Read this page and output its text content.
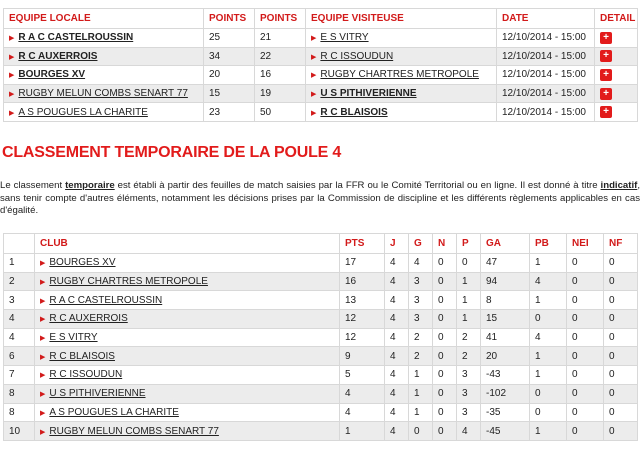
EQUIPE LOCALE	POINTS	POINTS	EQUIPE VISITEUSE	DATE	DETAIL
▶ R A C CASTELROUSSIN	25	21	▶ E S VITRY	12/10/2014 - 15:00	+
▶ R C AUXERROIS	34	22	▶ R C ISSOUDUN	12/10/2014 - 15:00	+
▶ BOURGES XV	20	16	▶ RUGBY CHARTRES METROPOLE	12/10/2014 - 15:00	+
▶ RUGBY MELUN COMBS SENART 77	15	19	▶ U S PITHIVERIENNE	12/10/2014 - 15:00	+
▶ A S POUGUES LA CHARITE	23	50	▶ R C BLAISOIS	12/10/2014 - 15:00	+
CLASSEMENT TEMPORAIRE DE LA POULE 4

Le classement temporaire est établi à partir des feuilles de match saisies par la FFR ou le Comité Territorial ou en ligne. Il est donné à titre indicatif, sans tenir compte d'autres éléments, notamment les décisions prises par la Commission de discipline et les différents règlements applicables en cas d'égalité.

	CLUB	PTS	J	G	N	P	GA	PB	NEI	NF
1	▶ BOURGES XV	17	4	4	0	0	47	1	0	0
2	▶ RUGBY CHARTRES METROPOLE	16	4	3	0	1	94	4	0	0
3	▶ R A C CASTELROUSSIN	13	4	3	0	1	8	1	0	0
4	▶ R C AUXERROIS	12	4	3	0	1	15	0	0	0
4	▶ E S VITRY	12	4	2	0	2	41	4	0	0
6	▶ R C BLAISOIS	9	4	2	0	2	20	1	0	0
7	▶ R C ISSOUDUN	5	4	1	0	3	-43	1	0	0
8	▶ U S PITHIVERIENNE	4	4	1	0	3	-102	0	0	0
8	▶ A S POUGUES LA CHARITE	4	4	1	0	3	-35	0	0	0
10	▶ RUGBY MELUN COMBS SENART 77	1	4	0	0	4	-45	1	0	0
